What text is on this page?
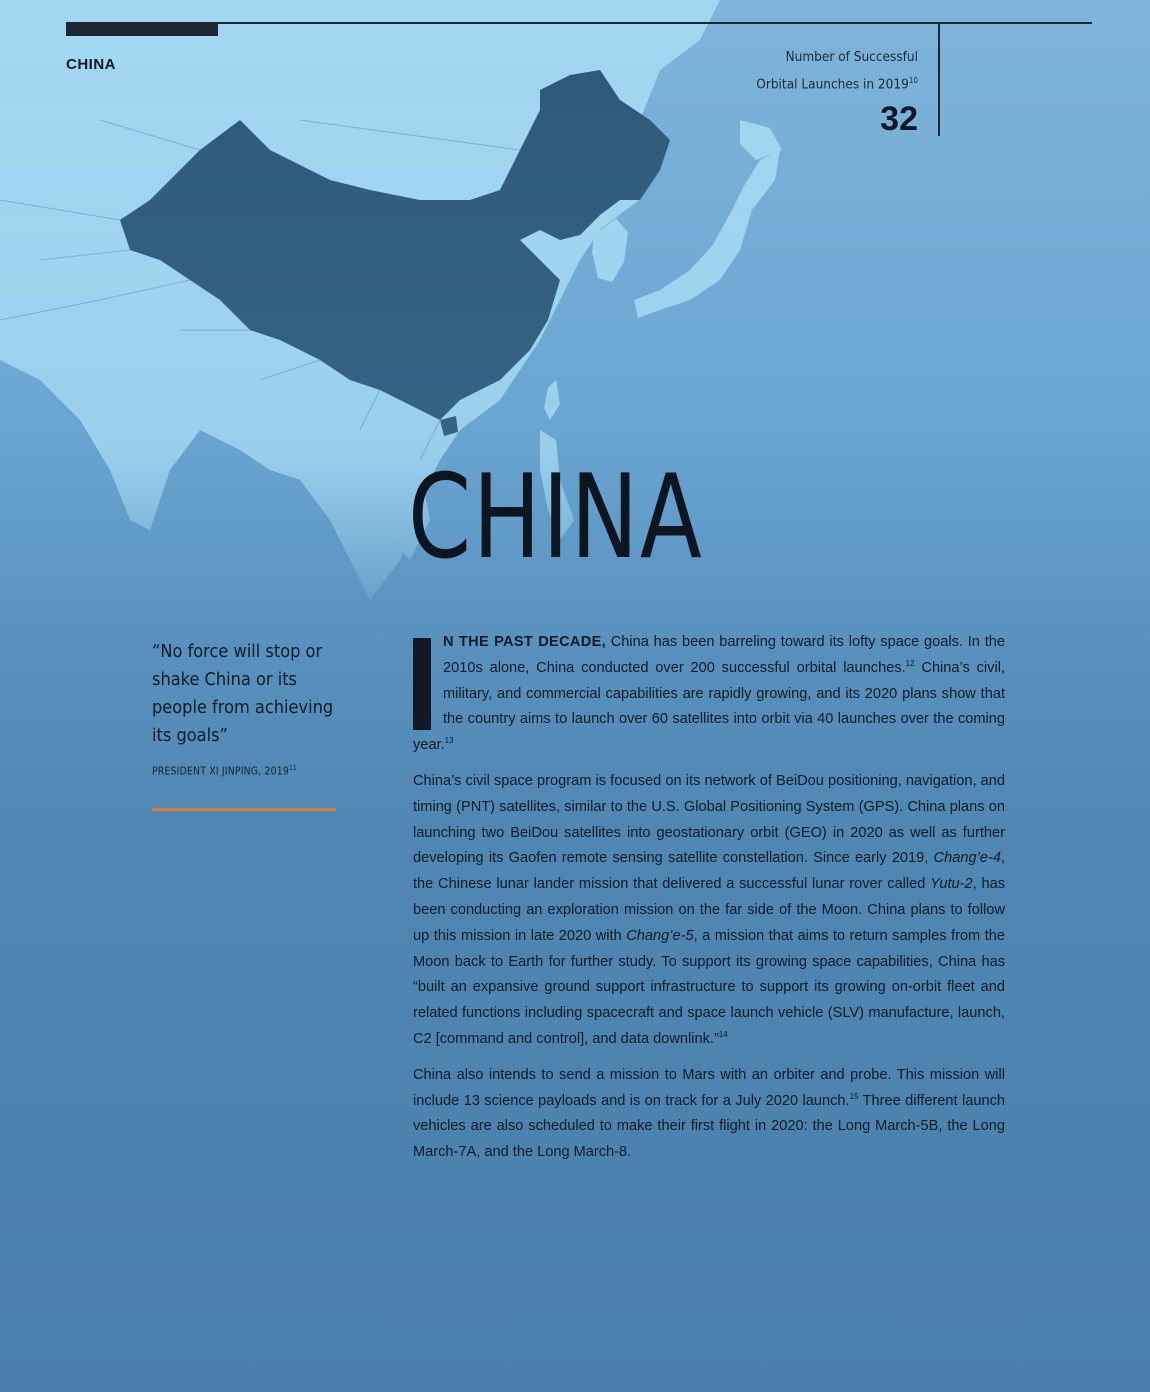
CHINA	Number of Successful
Orbital Launches in 2019$^{10}$
32
CHINA
“No force will stop or shake China or its people from achieving its goals”
PRESIDENT XI JINPING, 2019$^{11}$

N THE PAST DECADE, China has been barreling toward its lofty space goals. In the 2010s alone, China conducted over 200 successful orbital launches.$^{12}$ China’s civil, military, and commercial capabilities are rapidly growing, and its 2020 plans show that the country aims to launch over 60 satellites into orbit via 40 launches over the coming year.$^{13}$

China’s civil space program is focused on its network of BeiDou positioning, navigation, and timing (PNT) satellites, similar to the U.S. Global Positioning System (GPS). China plans on launching two BeiDou satellites into geostationary orbit (GEO) in 2020 as well as further developing its Gaofen remote sensing satellite constellation. Since early 2019, Chang’e-4, the Chinese lunar lander mission that delivered a successful lunar rover called Yutu-2, has been conducting an exploration mission on the far side of the Moon. China plans to follow up this mission in late 2020 with Chang’e-5, a mission that aims to return samples from the Moon back to Earth for further study. To support its growing space capabilities, China has “built an expansive ground support infrastructure to support its growing on-orbit fleet and related functions including spacecraft and space launch vehicle (SLV) manufacture, launch, C2 [command and control], and data downlink.”$^{14}$

China also intends to send a mission to Mars with an orbiter and probe. This mission will include 13 science payloads and is on track for a July 2020 launch.$^{15}$ Three different launch vehicles are also scheduled to make their first flight in 2020: the Long March-5B, the Long March-7A, and the Long March-8.
